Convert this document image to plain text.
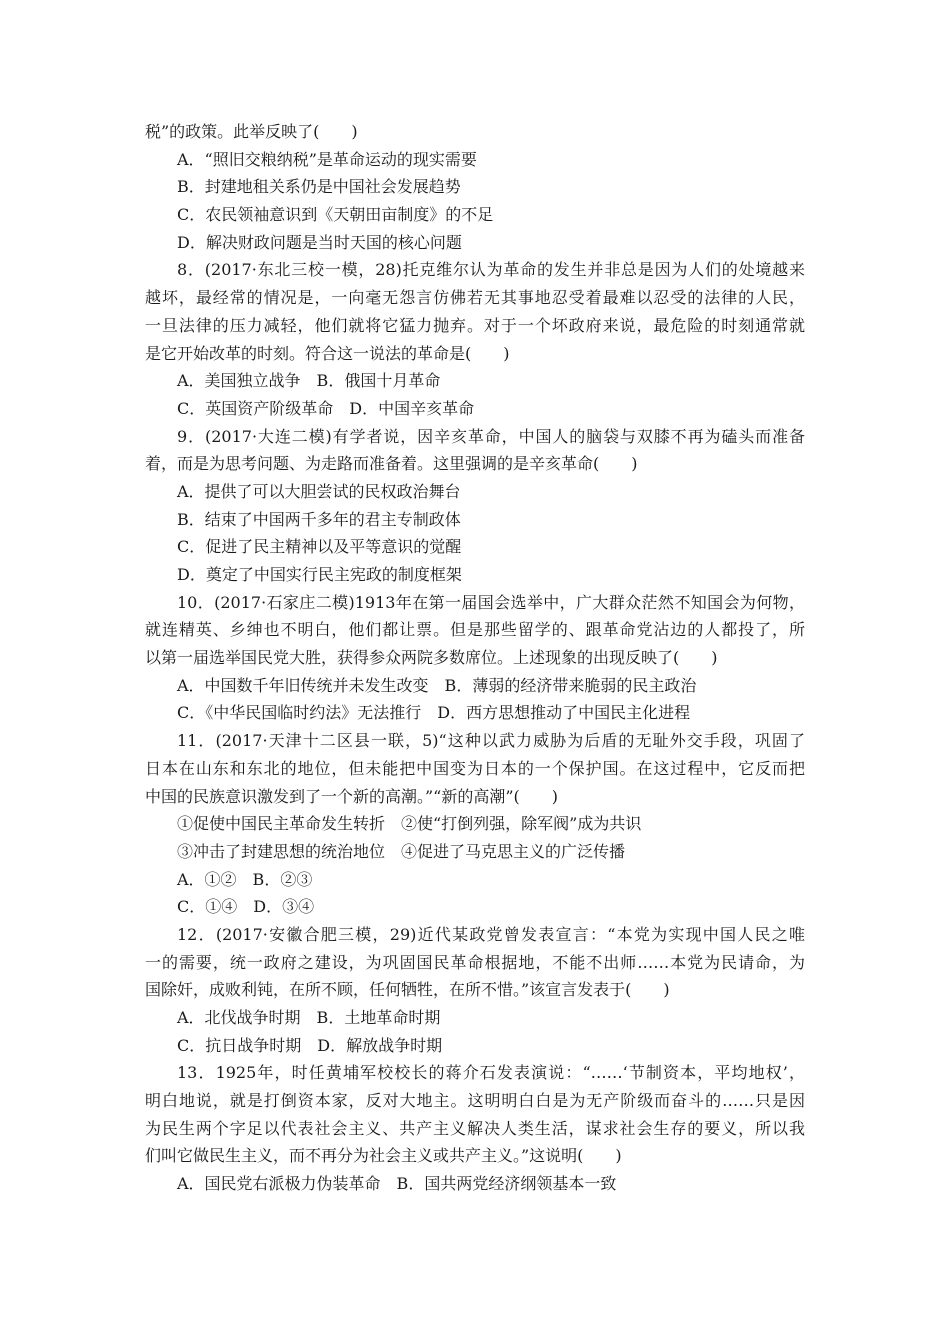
税”的政策。此举反映了(　　)
A．“照旧交粮纳税”是革命运动的现实需要
B．封建地租关系仍是中国社会发展趋势
C．农民领袖意识到《天朝田亩制度》的不足
D．解决财政问题是当时天国的核心问题
8．(2017·东北三校一模，28)托克维尔认为革命的发生并非总是因为人们的处境越来
越坏，最经常的情况是，一向毫无怨言仿佛若无其事地忍受着最难以忍受的法律的人民，
一旦法律的压力减轻，他们就将它猛力抛弃。对于一个坏政府来说，最危险的时刻通常就
是它开始改革的时刻。符合这一说法的革命是(　　)
A．美国独立战争　B．俄国十月革命
C．英国资产阶级革命　D．中国辛亥革命
9．(2017·大连二模)有学者说，因辛亥革命，中国人的脑袋与双膝不再为磕头而准备
着，而是为思考问题、为走路而准备着。这里强调的是辛亥革命(　　)
A．提供了可以大胆尝试的民权政治舞台
B．结束了中国两千多年的君主专制政体
C．促进了民主精神以及平等意识的觉醒
D．奠定了中国实行民主宪政的制度框架
10．(2017·石家庄二模)1913年在第一届国会选举中，广大群众茫然不知国会为何物，
就连精英、乡绅也不明白，他们都让票。但是那些留学的、跟革命党沾边的人都投了，所
以第一届选举国民党大胜，获得参众两院多数席位。上述现象的出现反映了(　　)
A．中国数千年旧传统并未发生改变　B．薄弱的经济带来脆弱的民主政治
C．《中华民国临时约法》无法推行　D．西方思想推动了中国民主化进程
11．(2017·天津十二区县一联，5)“这种以武力威胁为后盾的无耻外交手段，巩固了
日本在山东和东北的地位，但未能把中国变为日本的一个保护国。在这过程中，它反而把
中国的民族意识激发到了一个新的高潮。”“新的高潮”(　　)
①促使中国民主革命发生转折　②使“打倒列强，除军阀”成为共识
③冲击了封建思想的统治地位　④促进了马克思主义的广泛传播
A．①②　B．②③
C．①④　D．③④
12．(2017·安徽合肥三模，29)近代某政党曾发表宣言：“本党为实现中国人民之唯
一的需要，统一政府之建设，为巩固国民革命根据地，不能不出师……本党为民请命，为
国除奸，成败利钝，在所不顾，任何牺牲，在所不惜。”该宣言发表于(　　)
A．北伐战争时期　B．土地革命时期
C．抗日战争时期　D．解放战争时期
13．1925年，时任黄埔军校校长的蒋介石发表演说：“……‘节制资本，平均地权’，
明白地说，就是打倒资本家，反对大地主。这明明白白是为无产阶级而奋斗的……只是因
为民生两个字足以代表社会主义、共产主义解决人类生活，谋求社会生存的要义，所以我
们叫它做民生主义，而不再分为社会主义或共产主义。”这说明(　　)
A．国民党右派极力伪装革命　B．国共两党经济纲领基本一致
